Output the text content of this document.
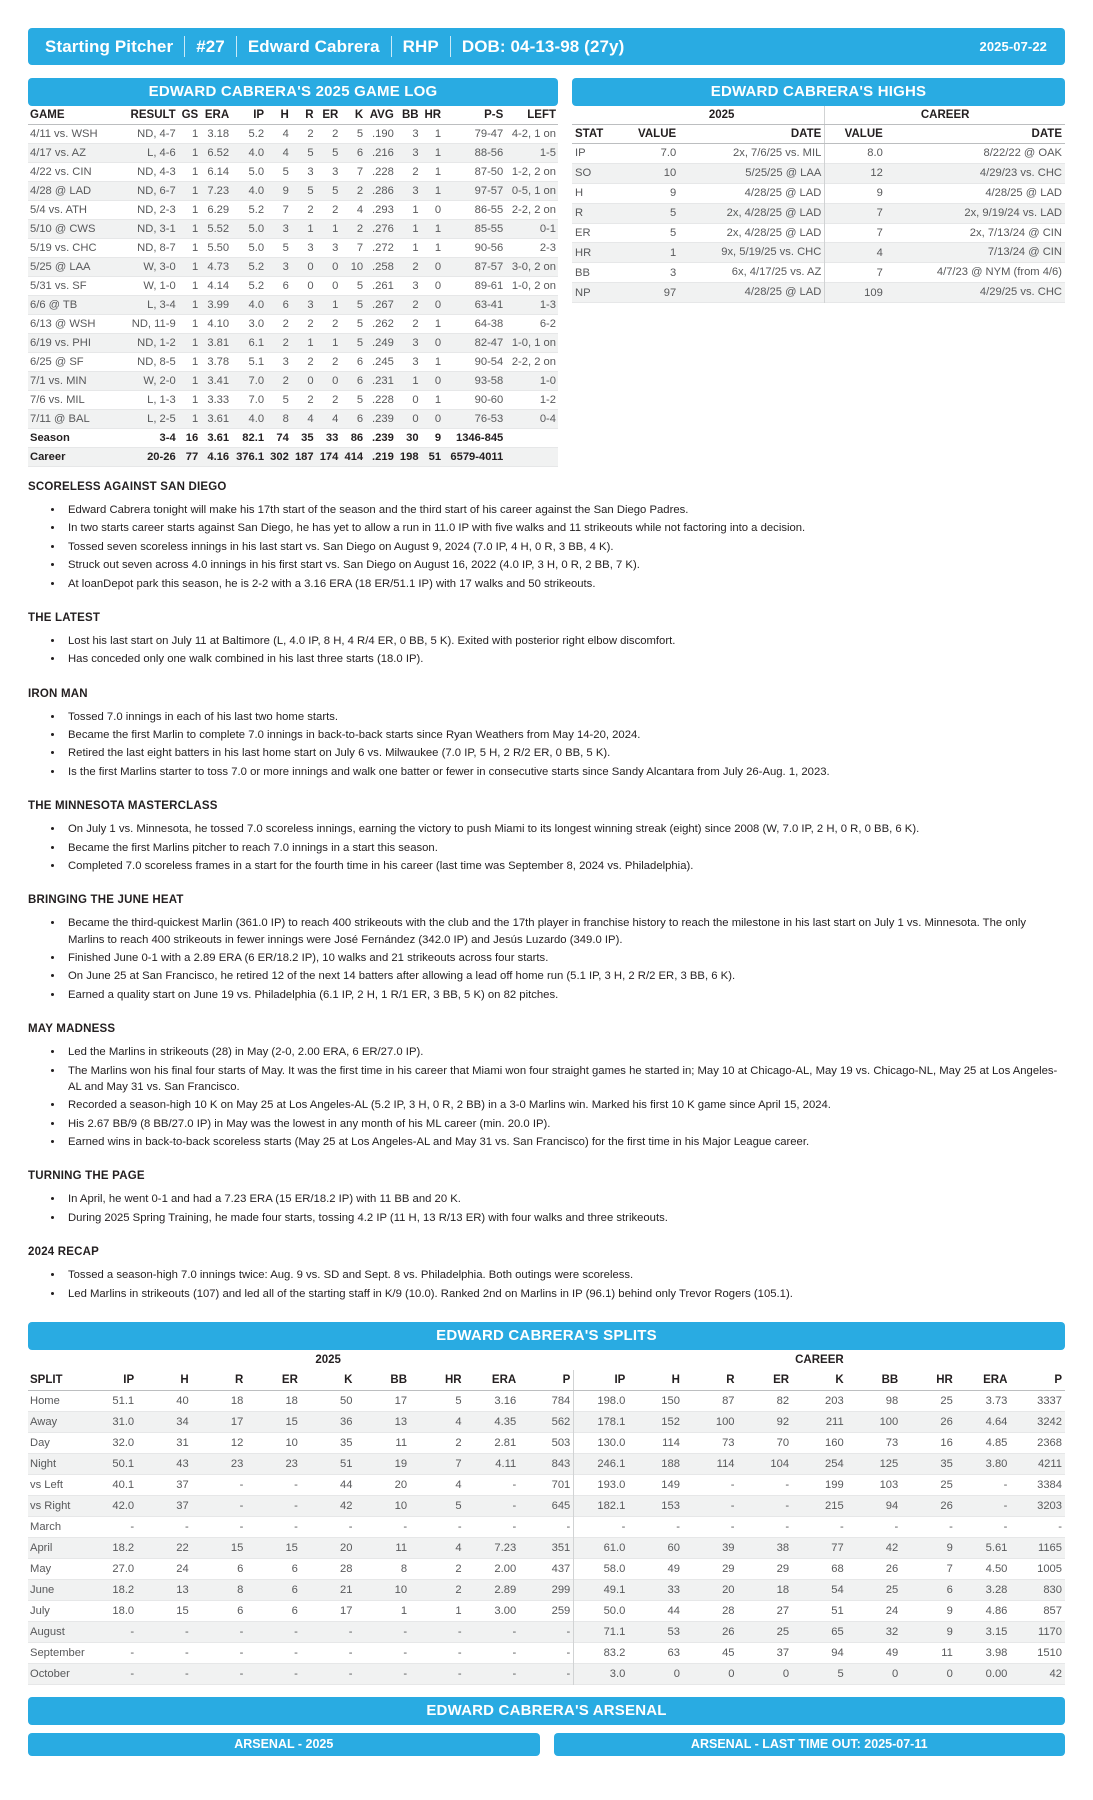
Starting Pitcher	#27	Edward Cabrera	RHP	DOB: 04-13-98 (27y)	2025-07-22
EDWARD CABRERA'S 2025 GAME LOG
GAME	RESULT	GS	ERA	IP	H	R	ER	K	AVG	BB	HR	P-S	LEFT
4/11 vs. WSH	ND, 4-7	1	3.18	5.2	4	2	2	5	.190	3	1	79-47	4-2, 1 on
4/17 vs. AZ	L, 4-6	1	6.52	4.0	4	5	5	6	.216	3	1	88-56	1-5
4/22 vs. CIN	ND, 4-3	1	6.14	5.0	5	3	3	7	.228	2	1	87-50	1-2, 2 on
4/28 @ LAD	ND, 6-7	1	7.23	4.0	9	5	5	2	.286	3	1	97-57	0-5, 1 on
5/4 vs. ATH	ND, 2-3	1	6.29	5.2	7	2	2	4	.293	1	0	86-55	2-2, 2 on
5/10 @ CWS	ND, 3-1	1	5.52	5.0	3	1	1	2	.276	1	1	85-55	0-1
5/19 vs. CHC	ND, 8-7	1	5.50	5.0	5	3	3	7	.272	1	1	90-56	2-3
5/25 @ LAA	W, 3-0	1	4.73	5.2	3	0	0	10	.258	2	0	87-57	3-0, 2 on
5/31 vs. SF	W, 1-0	1	4.14	5.2	6	0	0	5	.261	3	0	89-61	1-0, 2 on
6/6 @ TB	L, 3-4	1	3.99	4.0	6	3	1	5	.267	2	0	63-41	1-3
6/13 @ WSH	ND, 11-9	1	4.10	3.0	2	2	2	5	.262	2	1	64-38	6-2
6/19 vs. PHI	ND, 1-2	1	3.81	6.1	2	1	1	5	.249	3	0	82-47	1-0, 1 on
6/25 @ SF	ND, 8-5	1	3.78	5.1	3	2	2	6	.245	3	1	90-54	2-2, 2 on
7/1 vs. MIN	W, 2-0	1	3.41	7.0	2	0	0	6	.231	1	0	93-58	1-0
7/6 vs. MIL	L, 1-3	1	3.33	7.0	5	2	2	5	.228	0	1	90-60	1-2
7/11 @ BAL	L, 2-5	1	3.61	4.0	8	4	4	6	.239	0	0	76-53	0-4
Season	3-4	16	3.61	82.1	74	35	33	86	.239	30	9	1346-845	
Career	20-26	77	4.16	376.1	302	187	174	414	.219	198	51	6579-4011	
EDWARD CABRERA'S HIGHS
	2025		CAREER	
STAT	VALUE	DATE	VALUE	DATE
IP	7.0	2x, 7/6/25 vs. MIL	8.0	8/22/22 @ OAK
SO	10	5/25/25 @ LAA	12	4/29/23 vs. CHC
H	9	4/28/25 @ LAD	9	4/28/25 @ LAD
R	5	2x, 4/28/25 @ LAD	7	2x, 9/19/24 vs. LAD
ER	5	2x, 4/28/25 @ LAD	7	2x, 7/13/24 @ CIN
HR	1	9x, 5/19/25 vs. CHC	4	7/13/24 @ CIN
BB	3	6x, 4/17/25 vs. AZ	7	4/7/23 @ NYM (from 4/6)
NP	97	4/28/25 @ LAD	109	4/29/25 vs. CHC
SCORELESS AGAINST SAN DIEGO
• Edward Cabrera tonight will make his 17th start of the season and the third start of his career against the San Diego Padres.
• In two starts career starts against San Diego, he has yet to allow a run in 11.0 IP with five walks and 11 strikeouts while not factoring into a decision.
• Tossed seven scoreless innings in his last start vs. San Diego on August 9, 2024 (7.0 IP, 4 H, 0 R, 3 BB, 4 K).
• Struck out seven across 4.0 innings in his first start vs. San Diego on August 16, 2022 (4.0 IP, 3 H, 0 R, 2 BB, 7 K).
• At loanDepot park this season, he is 2-2 with a 3.16 ERA (18 ER/51.1 IP) with 17 walks and 50 strikeouts.
THE LATEST
• Lost his last start on July 11 at Baltimore (L, 4.0 IP, 8 H, 4 R/4 ER, 0 BB, 5 K). Exited with posterior right elbow discomfort.
• Has conceded only one walk combined in his last three starts (18.0 IP).
IRON MAN
• Tossed 7.0 innings in each of his last two home starts.
• Became the first Marlin to complete 7.0 innings in back-to-back starts since Ryan Weathers from May 14-20, 2024.
• Retired the last eight batters in his last home start on July 6 vs. Milwaukee (7.0 IP, 5 H, 2 R/2 ER, 0 BB, 5 K).
• Is the first Marlins starter to toss 7.0 or more innings and walk one batter or fewer in consecutive starts since Sandy Alcantara from July 26-Aug. 1, 2023.
THE MINNESOTA MASTERCLASS
• On July 1 vs. Minnesota, he tossed 7.0 scoreless innings, earning the victory to push Miami to its longest winning streak (eight) since 2008 (W, 7.0 IP, 2 H, 0 R, 0 BB, 6 K).
• Became the first Marlins pitcher to reach 7.0 innings in a start this season.
• Completed 7.0 scoreless frames in a start for the fourth time in his career (last time was September 8, 2024 vs. Philadelphia).
BRINGING THE JUNE HEAT
• Became the third-quickest Marlin (361.0 IP) to reach 400 strikeouts with the club and the 17th player in franchise history to reach the milestone in his last start on July 1 vs. Minnesota. The only Marlins to reach 400 strikeouts in fewer innings were José Fernández (342.0 IP) and Jesús Luzardo (349.0 IP).
• Finished June 0-1 with a 2.89 ERA (6 ER/18.2 IP), 10 walks and 21 strikeouts across four starts.
• On June 25 at San Francisco, he retired 12 of the next 14 batters after allowing a lead off home run (5.1 IP, 3 H, 2 R/2 ER, 3 BB, 6 K).
• Earned a quality start on June 19 vs. Philadelphia (6.1 IP, 2 H, 1 R/1 ER, 3 BB, 5 K) on 82 pitches.
MAY MADNESS
• Led the Marlins in strikeouts (28) in May (2-0, 2.00 ERA, 6 ER/27.0 IP).
• The Marlins won his final four starts of May. It was the first time in his career that Miami won four straight games he started in; May 10 at Chicago-AL, May 19 vs. Chicago-NL, May 25 at Los Angeles-AL and May 31 vs. San Francisco.
• Recorded a season-high 10 K on May 25 at Los Angeles-AL (5.2 IP, 3 H, 0 R, 2 BB) in a 3-0 Marlins win. Marked his first 10 K game since April 15, 2024.
• His 2.67 BB/9 (8 BB/27.0 IP) in May was the lowest in any month of his ML career (min. 20.0 IP).
• Earned wins in back-to-back scoreless starts (May 25 at Los Angeles-AL and May 31 vs. San Francisco) for the first time in his Major League career.
TURNING THE PAGE
• In April, he went 0-1 and had a 7.23 ERA (15 ER/18.2 IP) with 11 BB and 20 K.
• During 2025 Spring Training, he made four starts, tossing 4.2 IP (11 H, 13 R/13 ER) with four walks and three strikeouts.
2024 RECAP
• Tossed a season-high 7.0 innings twice: Aug. 9 vs. SD and Sept. 8 vs. Philadelphia. Both outings were scoreless.
• Led Marlins in strikeouts (107) and led all of the starting staff in K/9 (10.0). Ranked 2nd on Marlins in IP (96.1) behind only Trevor Rogers (105.1).
EDWARD CABRERA'S SPLITS
	2025									CAREER								
SPLIT	IP	H	R	ER	K	BB	HR	ERA	P	IP	H	R	ER	K	BB	HR	ERA	P
Home	51.1	40	18	18	50	17	5	3.16	784	198.0	150	87	82	203	98	25	3.73	3337
Away	31.0	34	17	15	36	13	4	4.35	562	178.1	152	100	92	211	100	26	4.64	3242
Day	32.0	31	12	10	35	11	2	2.81	503	130.0	114	73	70	160	73	16	4.85	2368
Night	50.1	43	23	23	51	19	7	4.11	843	246.1	188	114	104	254	125	35	3.80	4211
vs Left	40.1	37	-	-	44	20	4	-	701	193.0	149	-	-	199	103	25	-	3384
vs Right	42.0	37	-	-	42	10	5	-	645	182.1	153	-	-	215	94	26	-	3203
March	-	-	-	-	-	-	-	-	-	-	-	-	-	-	-	-	-	-
April	18.2	22	15	15	20	11	4	7.23	351	61.0	60	39	38	77	42	9	5.61	1165
May	27.0	24	6	6	28	8	2	2.00	437	58.0	49	29	29	68	26	7	4.50	1005
June	18.2	13	8	6	21	10	2	2.89	299	49.1	33	20	18	54	25	6	3.28	830
July	18.0	15	6	6	17	1	1	3.00	259	50.0	44	28	27	51	24	9	4.86	857
August	-	-	-	-	-	-	-	-	-	71.1	53	26	25	65	32	9	3.15	1170
September	-	-	-	-	-	-	-	-	-	83.2	63	45	37	94	49	11	3.98	1510
October	-	-	-	-	-	-	-	-	-	3.0	0	0	0	5	0	0	0.00	42
EDWARD CABRERA'S ARSENAL
ARSENAL - 2025	ARSENAL - LAST TIME OUT: 2025-07-11
